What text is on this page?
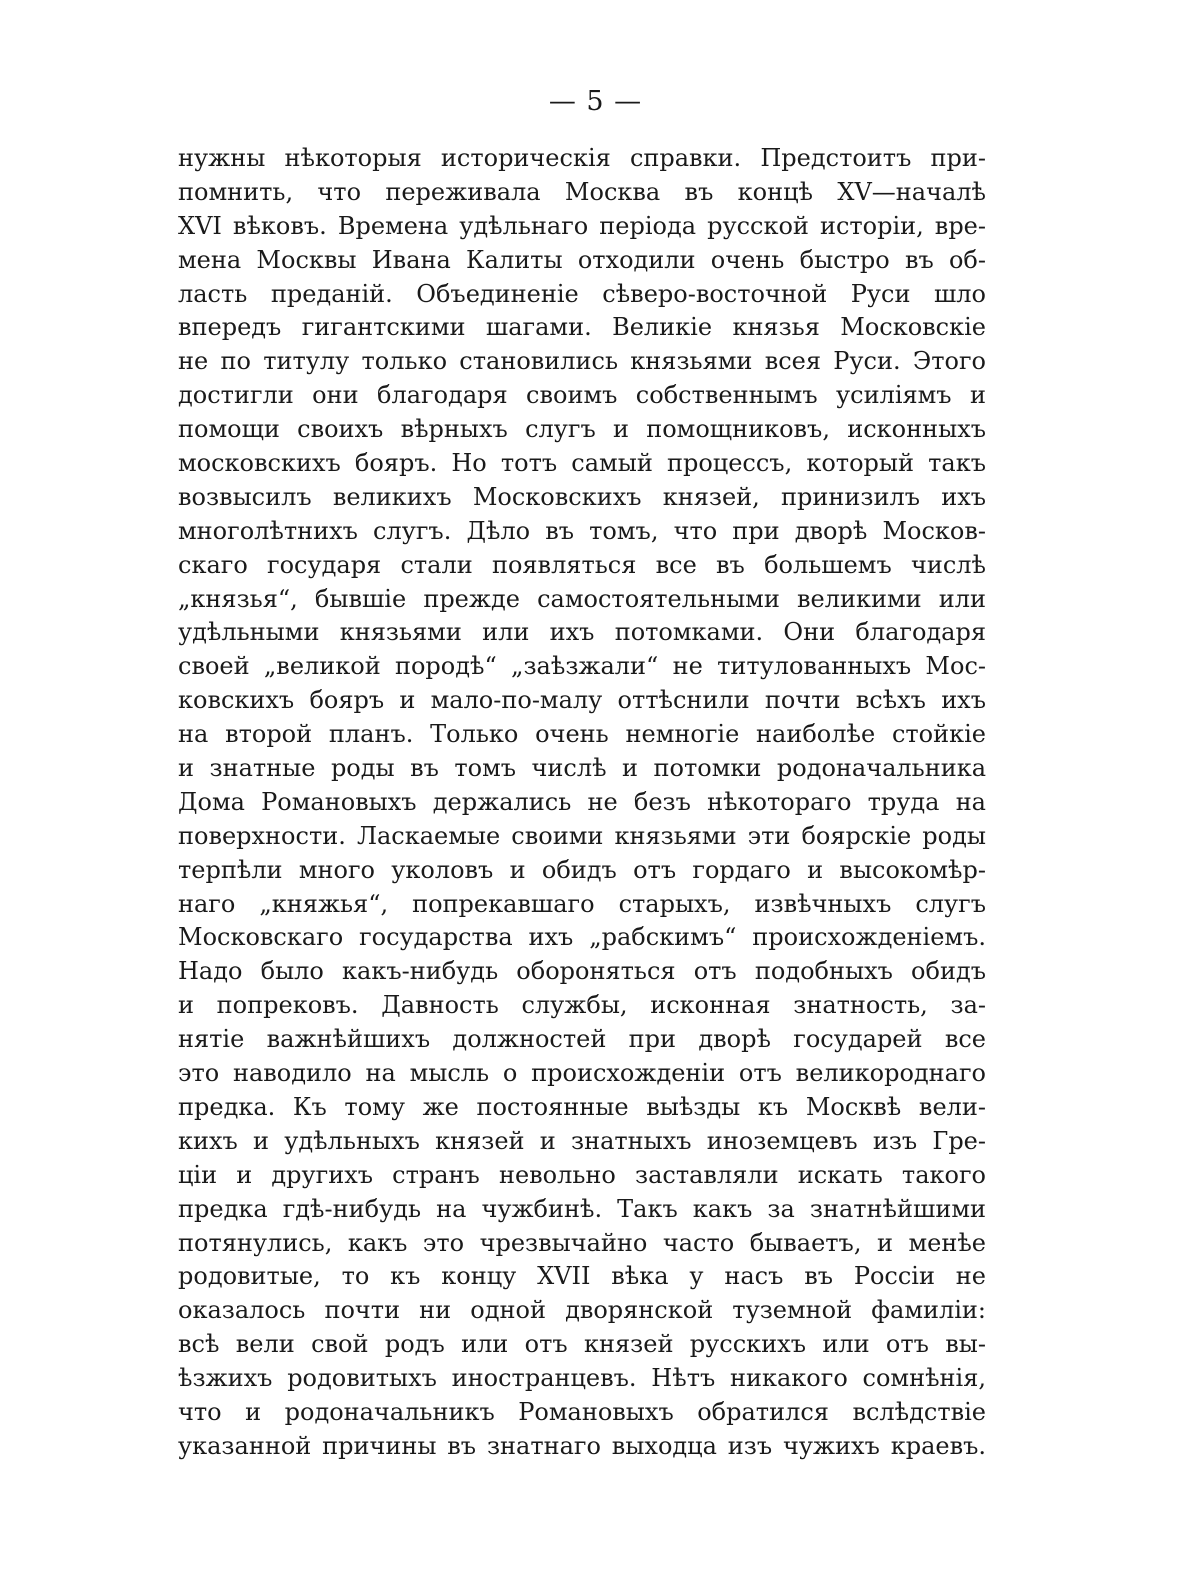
— 5 —
нужны нѣкоторыя историческія справки. Предстоитъ при-
помнить, что переживала Москва въ концѣ XV—началѣ
XVI вѣковъ. Времена удѣльнаго періода русской исторіи, вре-
мена Москвы Ивана Калиты отходили очень быстро въ об-
ласть преданій. Объединеніе сѣверо-восточной Руси шло
впередъ гигантскими шагами. Великіе князья Московскіе
не по титулу только становились князьями всея Руси. Этого
достигли они благодаря своимъ собственнымъ усиліямъ и
помощи своихъ вѣрныхъ слугъ и помощниковъ, исконныхъ
московскихъ бояръ. Но тотъ самый процессъ, который такъ
возвысилъ великихъ Московскихъ князей, принизилъ ихъ
многолѣтнихъ слугъ. Дѣло въ томъ, что при дворѣ Москов-
скаго государя стали появляться все въ большемъ числѣ
„князья“, бывшіе прежде самостоятельными великими или
удѣльными князьями или ихъ потомками. Они благодаря
своей „великой породѣ“ „заѣзжали“ не титулованныхъ Мос-
ковскихъ бояръ и мало-по-малу оттѣснили почти всѣхъ ихъ
на второй планъ. Только очень немногіе наиболѣе стойкіе
и знатные роды въ томъ числѣ и потомки родоначальника
Дома Романовыхъ держались не безъ нѣкотораго труда на
поверхности. Ласкаемые своими князьями эти боярскіе роды
терпѣли много уколовъ и обидъ отъ гордаго и высокомѣр-
наго „княжья“, попрекавшаго старыхъ, извѣчныхъ слугъ
Московскаго государства ихъ „рабскимъ“ происхожденіемъ.
Надо было какъ-нибудь обороняться отъ подобныхъ обидъ
и попрековъ. Давность службы, исконная знатность, за-
нятіе важнѣйшихъ должностей при дворѣ государей все
это наводило на мысль о происхожденіи отъ великороднаго
предка. Къ тому же постоянные выѣзды къ Москвѣ вели-
кихъ и удѣльныхъ князей и знатныхъ иноземцевъ изъ Гре-
ціи и другихъ странъ невольно заставляли искать такого
предка гдѣ-нибудь на чужбинѣ. Такъ какъ за знатнѣйшими
потянулись, какъ это чрезвычайно часто бываетъ, и менѣе
родовитые, то къ концу XVII вѣка у насъ въ Россіи не
оказалось почти ни одной дворянской туземной фамиліи:
всѣ вели свой родъ или отъ князей русскихъ или отъ вы-
ѣзжихъ родовитыхъ иностранцевъ. Нѣтъ никакого сомнѣнія,
что и родоначальникъ Романовыхъ обратился вслѣдствіе
указанной причины въ знатнаго выходца изъ чужихъ краевъ.
